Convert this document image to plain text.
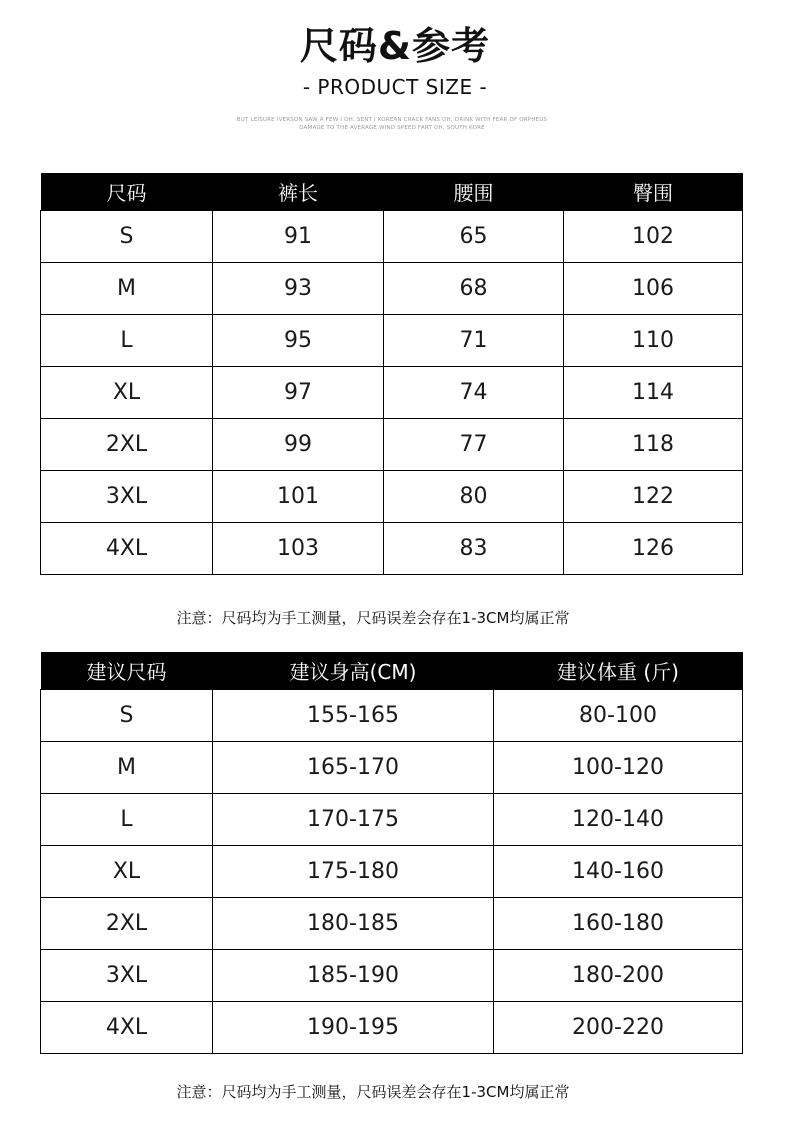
尺码&参考
- PRODUCT SIZE -
BUT LEISURE IVERSON SAW A FEW I OH, SENT I KOREAN CRACK FANS OH, DRINK WITH FEAR OF ORPHEUS
DAMAGE TO THE AVERAGE WIND SPEED FART OH, SOUTH KORE
尺码	裤长	腰围	臀围
S	91	65	102
M	93	68	106
L	95	71	110
XL	97	74	114
2XL	99	77	118
3XL	101	80	122
4XL	103	83	126
注意：尺码均为手工测量，尺码误差会存在1-3CM均属正常
建议尺码	建议身高(CM)	建议体重 (斤)
S	155-165	80-100
M	165-170	100-120
L	170-175	120-140
XL	175-180	140-160
2XL	180-185	160-180
3XL	185-190	180-200
4XL	190-195	200-220
注意：尺码均为手工测量，尺码误差会存在1-3CM均属正常
